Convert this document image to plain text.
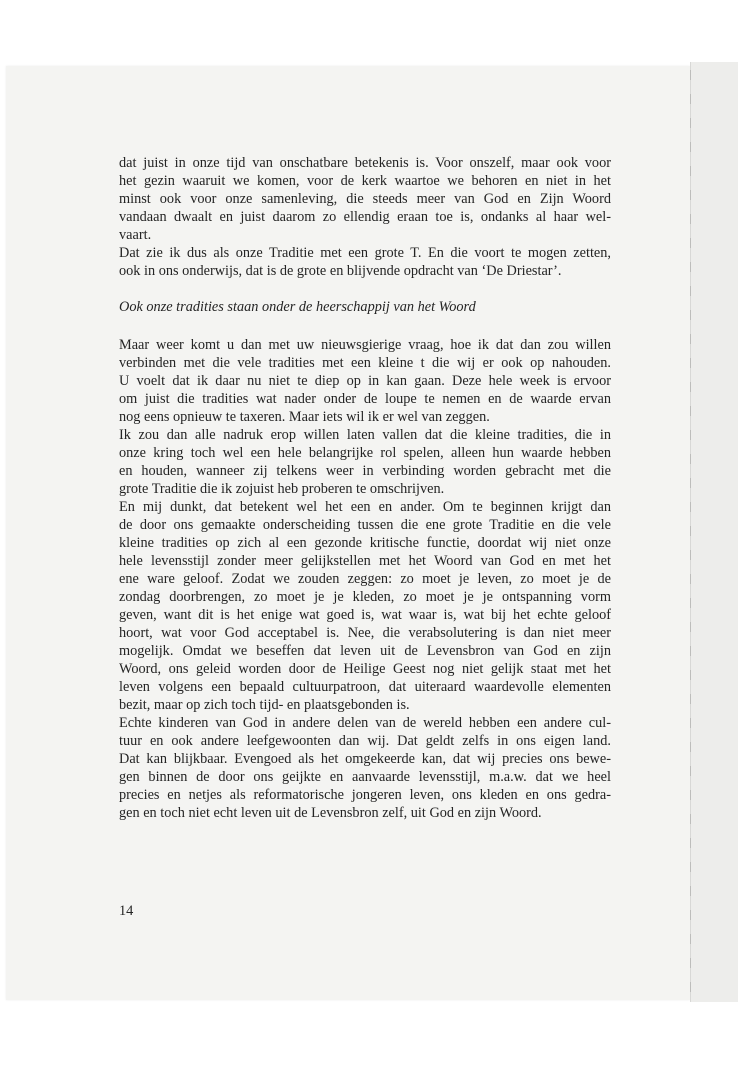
dat juist in onze tijd van onschatbare betekenis is. Voor onszelf, maar ook voor
het gezin waaruit we komen, voor de kerk waartoe we behoren en niet in het
minst ook voor onze samenleving, die steeds meer van God en Zijn Woord
vandaan dwaalt en juist daarom zo ellendig eraan toe is, ondanks al haar wel-
vaart.
Dat zie ik dus als onze Traditie met een grote T. En die voort te mogen zetten,
ook in ons onderwijs, dat is de grote en blijvende opdracht van ‘De Driestar’.
Ook onze tradities staan onder de heerschappij van het Woord
Maar weer komt u dan met uw nieuwsgierige vraag, hoe ik dat dan zou willen
verbinden met die vele tradities met een kleine t die wij er ook op nahouden.
U voelt dat ik daar nu niet te diep op in kan gaan. Deze hele week is ervoor
om juist die tradities wat nader onder de loupe te nemen en de waarde ervan
nog eens opnieuw te taxeren. Maar iets wil ik er wel van zeggen.
Ik zou dan alle nadruk erop willen laten vallen dat die kleine tradities, die in
onze kring toch wel een hele belangrijke rol spelen, alleen hun waarde hebben
en houden, wanneer zij telkens weer in verbinding worden gebracht met die
grote Traditie die ik zojuist heb proberen te omschrijven.
En mij dunkt, dat betekent wel het een en ander. Om te beginnen krijgt dan
de door ons gemaakte onderscheiding tussen die ene grote Traditie en die vele
kleine tradities op zich al een gezonde kritische functie, doordat wij niet onze
hele levensstijl zonder meer gelijkstellen met het Woord van God en met het
ene ware geloof. Zodat we zouden zeggen: zo moet je leven, zo moet je de
zondag doorbrengen, zo moet je je kleden, zo moet je je ontspanning vorm
geven, want dit is het enige wat goed is, wat waar is, wat bij het echte geloof
hoort, wat voor God acceptabel is. Nee, die verabsolutering is dan niet meer
mogelijk. Omdat we beseffen dat leven uit de Levensbron van God en zijn
Woord, ons geleid worden door de Heilige Geest nog niet gelijk staat met het
leven volgens een bepaald cultuurpatroon, dat uiteraard waardevolle elementen
bezit, maar op zich toch tijd- en plaatsgebonden is.
Echte kinderen van God in andere delen van de wereld hebben een andere cul-
tuur en ook andere leefgewoonten dan wij. Dat geldt zelfs in ons eigen land.
Dat kan blijkbaar. Evengoed als het omgekeerde kan, dat wij precies ons bewe-
gen binnen de door ons geijkte en aanvaarde levensstijl, m.a.w. dat we heel
precies en netjes als reformatorische jongeren leven, ons kleden en ons gedra-
gen en toch niet echt leven uit de Levensbron zelf, uit God en zijn Woord.
14
